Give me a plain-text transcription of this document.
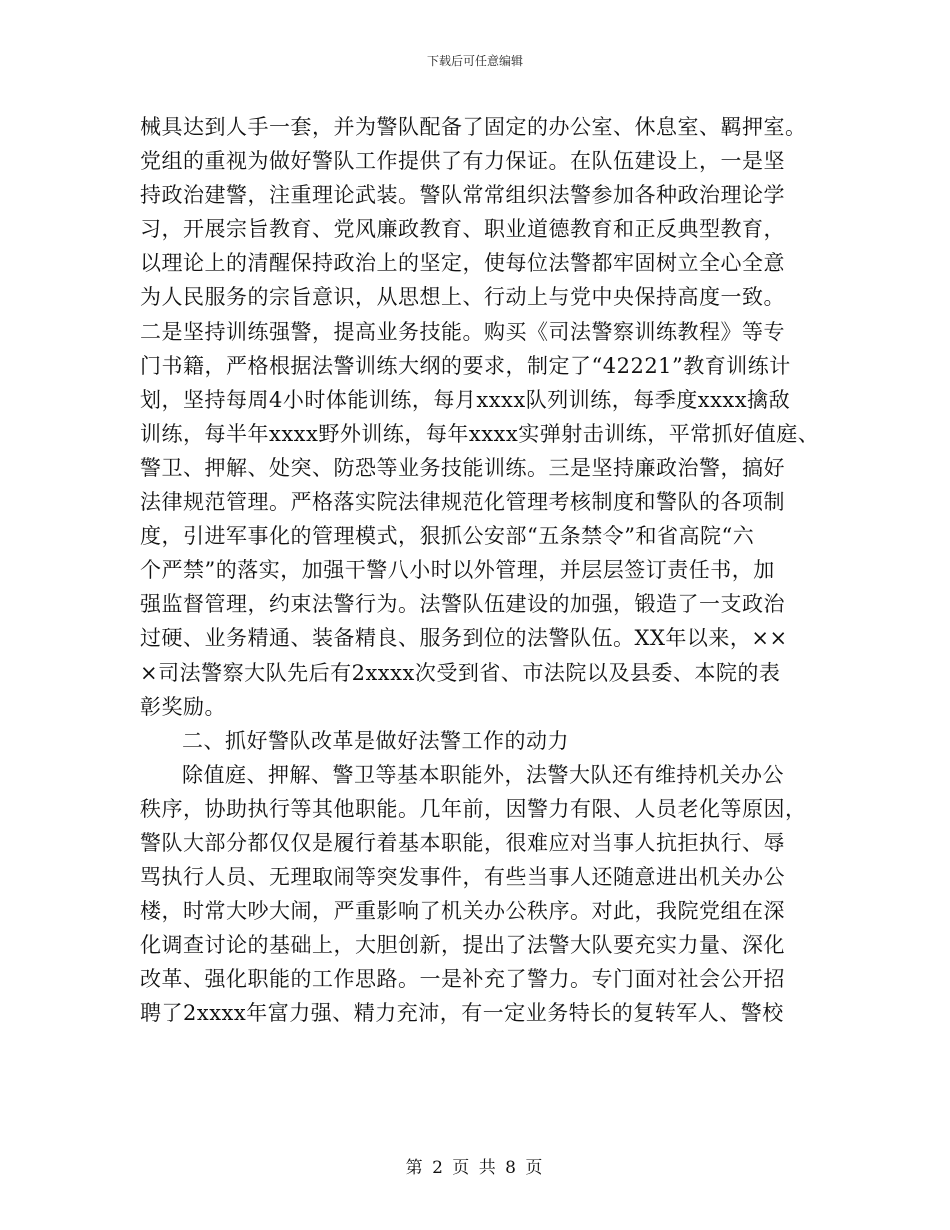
下载后可任意编辑
械具达到人手一套，并为警队配备了固定的办公室、休息室、羁押室。
党组的重视为做好警队工作提供了有力保证。在队伍建设上，一是坚
持政治建警，注重理论武装。警队常常组织法警参加各种政治理论学
习，开展宗旨教育、党风廉政教育、职业道德教育和正反典型教育，
以理论上的清醒保持政治上的坚定，使每位法警都牢固树立全心全意
为人民服务的宗旨意识，从思想上、行动上与党中央保持高度一致。
二是坚持训练强警，提高业务技能。购买《司法警察训练教程》等专
门书籍，严格根据法警训练大纲的要求，制定了“42221”教育训练计
划，坚持每周4小时体能训练，每月xxxx队列训练，每季度xxxx擒敌
训练，每半年xxxx野外训练，每年xxxx实弹射击训练，平常抓好值庭、
警卫、押解、处突、防恐等业务技能训练。三是坚持廉政治警，搞好
法律规范管理。严格落实院法律规范化管理考核制度和警队的各项制
度，引进军事化的管理模式，狠抓公安部“五条禁令”和省高院“六
个严禁”的落实，加强干警八小时以外管理，并层层签订责任书，加
强监督管理，约束法警行为。法警队伍建设的加强，锻造了一支政治
过硬、业务精通、装备精良、服务到位的法警队伍。XX年以来，××
×司法警察大队先后有2xxxx次受到省、市法院以及县委、本院的表
彰奖励。
二、抓好警队改革是做好法警工作的动力
除值庭、押解、警卫等基本职能外，法警大队还有维持机关办公
秩序，协助执行等其他职能。几年前，因警力有限、人员老化等原因，
警队大部分都仅仅是履行着基本职能，很难应对当事人抗拒执行、辱
骂执行人员、无理取闹等突发事件，有些当事人还随意进出机关办公
楼，时常大吵大闹，严重影响了机关办公秩序。对此，我院党组在深
化调查讨论的基础上，大胆创新，提出了法警大队要充实力量、深化
改革、强化职能的工作思路。一是补充了警力。专门面对社会公开招
聘了2xxxx年富力强、精力充沛，有一定业务特长的复转军人、警校
第 2 页 共 8 页
